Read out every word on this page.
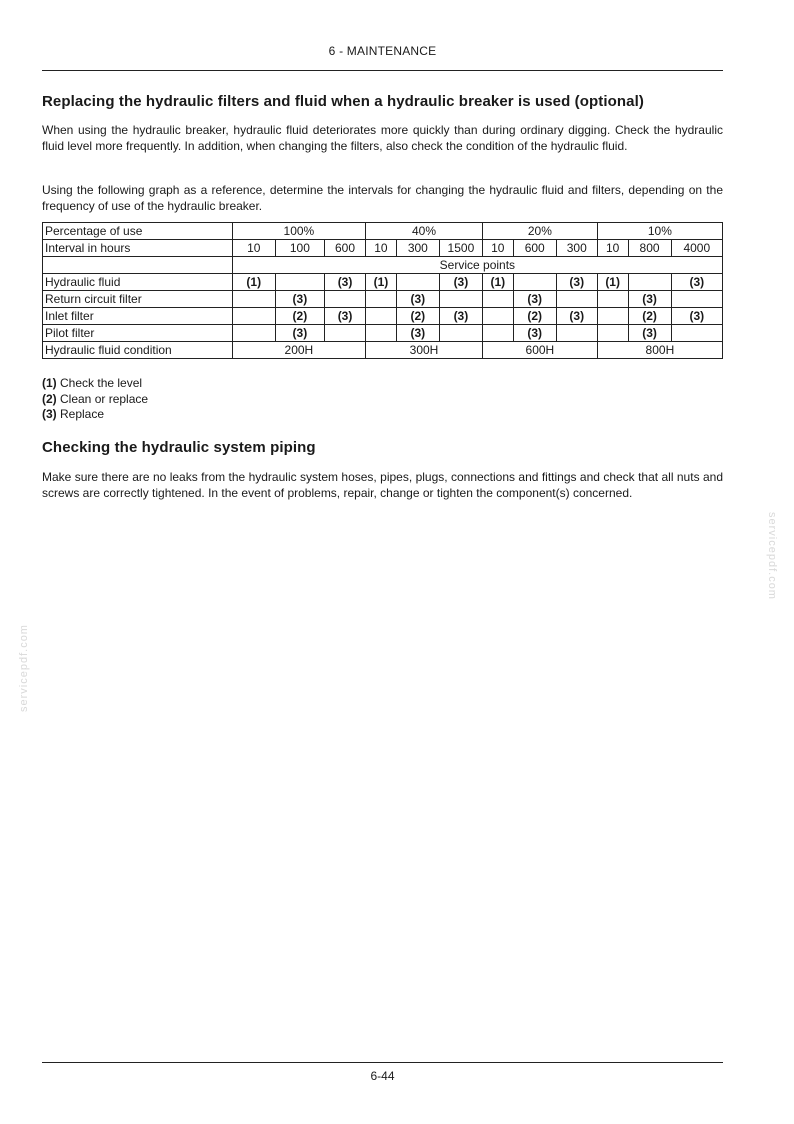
6 - MAINTENANCE
Replacing the hydraulic filters and fluid when a hydraulic breaker is used (optional)

When using the hydraulic breaker, hydraulic fluid deteriorates more quickly than during ordinary digging. Check the hydraulic fluid level more frequently. In addition, when changing the filters, also check the condition of the hydraulic fluid.

Using the following graph as a reference, determine the intervals for changing the hydraulic fluid and filters, depending on the frequency of use of the hydraulic breaker.

Percentage of use	100%			40%			20%			10%		
Interval in hours	10	100	600	10	300	1500	10	600	300	10	800	4000
	Service points											
Hydraulic fluid	(1)		(3)	(1)		(3)	(1)		(3)	(1)		(3)
Return circuit filter		(3)			(3)			(3)			(3)	
Inlet filter		(2)	(3)		(2)	(3)		(2)	(3)		(2)	(3)
Pilot filter		(3)			(3)			(3)			(3)	
Hydraulic fluid condition	200H			300H			600H			800H		
(1) Check the level
(2) Clean or replace
(3) Replace
Checking the hydraulic system piping

Make sure there are no leaks from the hydraulic system hoses, pipes, plugs, connections and fittings and check that all nuts and screws are correctly tightened. In the event of problems, repair, change or tighten the component(s) concerned.

servicepdf.com
servicepdf.com
6-44
